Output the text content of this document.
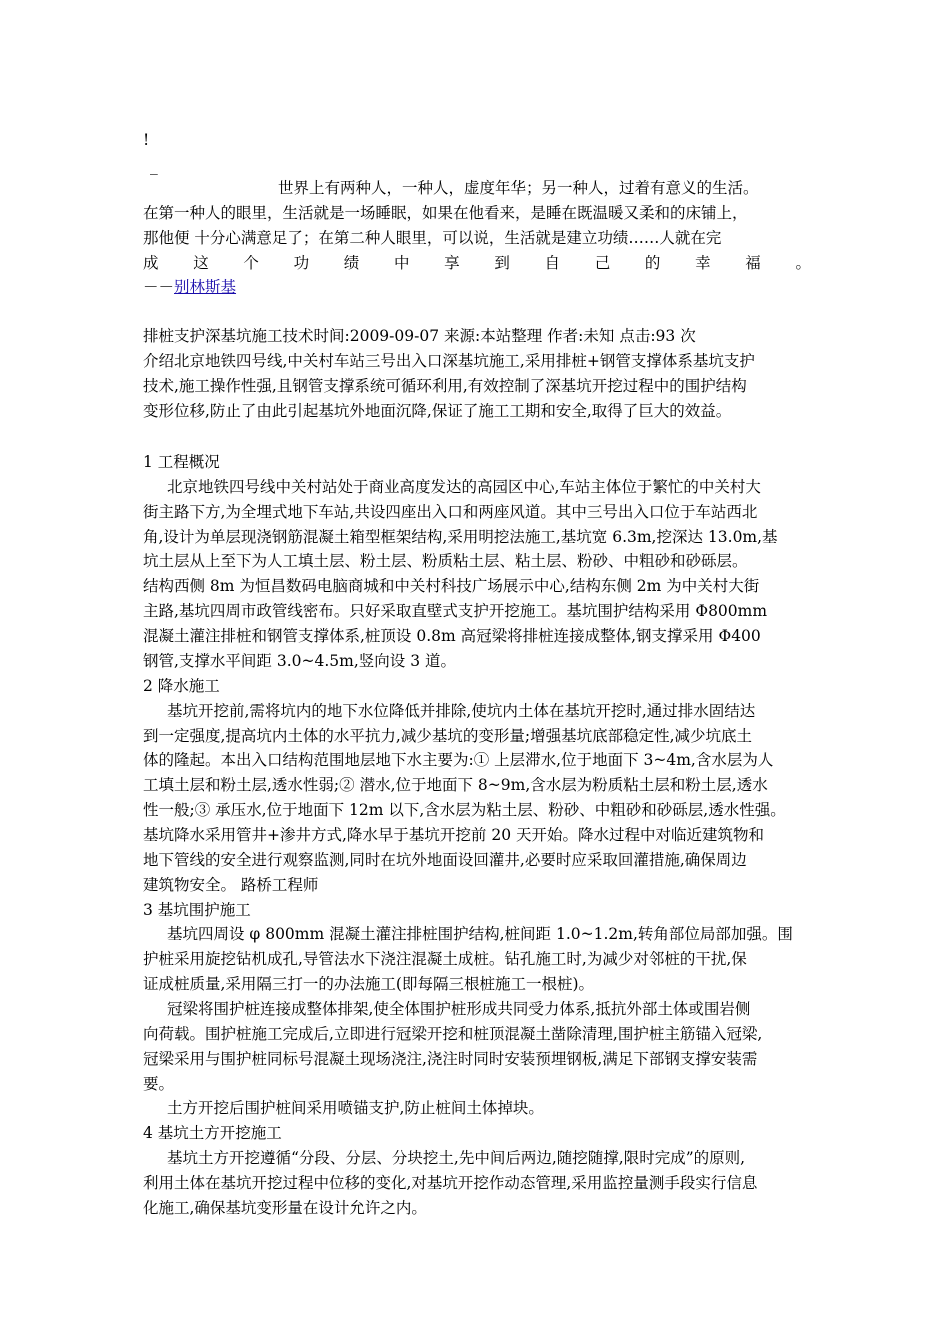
!
_
世界上有两种人，一种人，虚度年华；另一种人，过着有意义的生活。
在第一种人的眼里，生活就是一场睡眠，如果在他看来，是睡在既温暖又柔和的床铺上，
那他便 十分心满意足了；在第二种人眼里，可以说，生活就是建立功绩……人就在完
成 这 个 功 绩 中 享 到 自 己 的 幸 福 。
－－别林斯基
排桩支护深基坑施工技术时间:2009-09-07 来源:本站整理 作者:未知 点击:93 次
介绍北京地铁四号线,中关村车站三号出入口深基坑施工,采用排桩+钢管支撑体系基坑支护
技术,施工操作性强,且钢管支撑系统可循环利用,有效控制了深基坑开挖过程中的围护结构
变形位移,防止了由此引起基坑外地面沉降,保证了施工工期和安全,取得了巨大的效益。
1 工程概况
北京地铁四号线中关村站处于商业高度发达的高园区中心,车站主体位于繁忙的中关村大
街主路下方,为全埋式地下车站,共设四座出入口和两座风道。其中三号出入口位于车站西北
角,设计为单层现浇钢筋混凝土箱型框架结构,采用明挖法施工,基坑宽 6.3m,挖深达 13.0m,基
坑土层从上至下为人工填土层、粉土层、粉质粘土层、粘土层、粉砂、中粗砂和砂砾层。
结构西侧 8m 为恒昌数码电脑商城和中关村科技广场展示中心,结构东侧 2m 为中关村大街
主路,基坑四周市政管线密布。只好采取直壁式支护开挖施工。基坑围护结构采用 Φ800mm
混凝土灌注排桩和钢管支撑体系,桩顶设 0.8m 高冠梁将排桩连接成整体,钢支撑采用 Φ400
钢管,支撑水平间距 3.0~4.5m,竖向设 3 道。
2 降水施工
基坑开挖前,需将坑内的地下水位降低并排除,使坑内土体在基坑开挖时,通过排水固结达
到一定强度,提高坑内土体的水平抗力,减少基坑的变形量;增强基坑底部稳定性,减少坑底土
体的隆起。本出入口结构范围地层地下水主要为:① 上层滞水,位于地面下 3~4m,含水层为人
工填土层和粉土层,透水性弱;② 潜水,位于地面下 8~9m,含水层为粉质粘土层和粉土层,透水
性一般;③ 承压水,位于地面下 12m 以下,含水层为粘土层、粉砂、中粗砂和砂砾层,透水性强。
基坑降水采用管井+渗井方式,降水早于基坑开挖前 20 天开始。降水过程中对临近建筑物和
地下管线的安全进行观察监测,同时在坑外地面设回灌井,必要时应采取回灌措施,确保周边
建筑物安全。 路桥工程师
3 基坑围护施工
基坑四周设 φ 800mm 混凝土灌注排桩围护结构,桩间距 1.0~1.2m,转角部位局部加强。围
护桩采用旋挖钻机成孔,导管法水下浇注混凝土成桩。钻孔施工时,为减少对邻桩的干扰,保
证成桩质量,采用隔三打一的办法施工(即每隔三根桩施工一根桩)。
冠梁将围护桩连接成整体排架,使全体围护桩形成共同受力体系,抵抗外部土体或围岩侧
向荷载。围护桩施工完成后,立即进行冠梁开挖和桩顶混凝土凿除清理,围护桩主筋锚入冠梁,
冠梁采用与围护桩同标号混凝土现场浇注,浇注时同时安装预埋钢板,满足下部钢支撑安装需
要。
土方开挖后围护桩间采用喷锚支护,防止桩间土体掉块。
4 基坑土方开挖施工
基坑土方开挖遵循“分段、分层、分块挖土,先中间后两边,随挖随撑,限时完成”的原则,
利用土体在基坑开挖过程中位移的变化,对基坑开挖作动态管理,采用监控量测手段实行信息
化施工,确保基坑变形量在设计允许之内。
